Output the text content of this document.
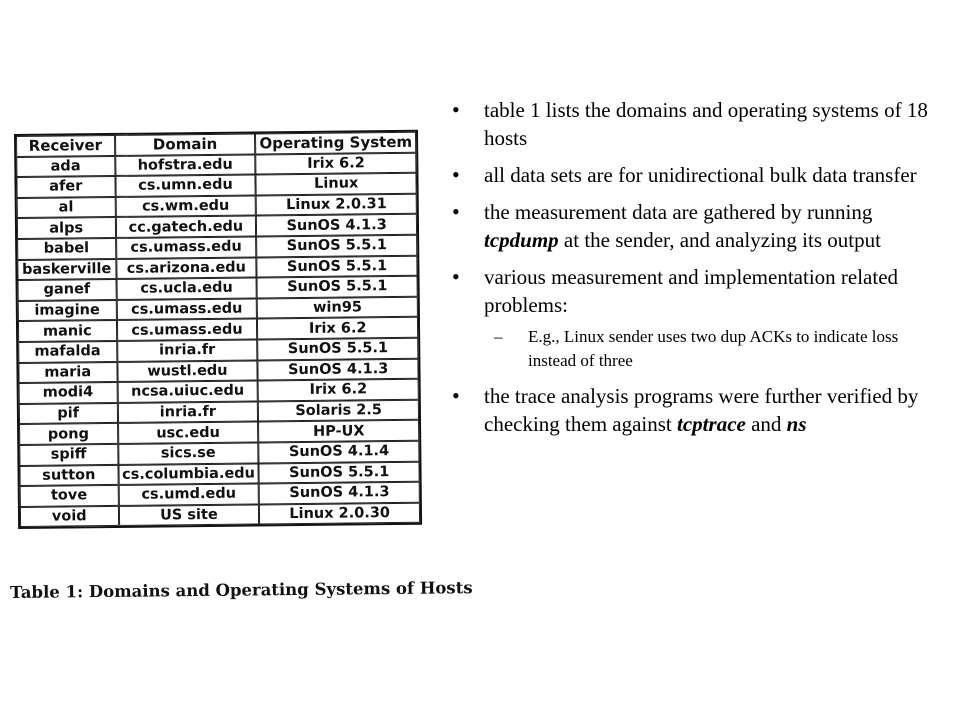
Receiver	Domain	Operating System
ada	hofstra.edu	Irix 6.2
afer	cs.umn.edu	Linux
al	cs.wm.edu	Linux 2.0.31
alps	cc.gatech.edu	SunOS 4.1.3
babel	cs.umass.edu	SunOS 5.5.1
baskerville	cs.arizona.edu	SunOS 5.5.1
ganef	cs.ucla.edu	SunOS 5.5.1
imagine	cs.umass.edu	win95
manic	cs.umass.edu	Irix 6.2
mafalda	inria.fr	SunOS 5.5.1
maria	wustl.edu	SunOS 4.1.3
modi4	ncsa.uiuc.edu	Irix 6.2
pif	inria.fr	Solaris 2.5
pong	usc.edu	HP-UX
spiff	sics.se	SunOS 4.1.4
sutton	cs.columbia.edu	SunOS 5.5.1
tove	cs.umd.edu	SunOS 4.1.3
void	US site	Linux 2.0.30
Table 1: Domains and Operating Systems of Hosts
• table 1 lists the domains and operating systems of 18 hosts
• all data sets are for unidirectional bulk data transfer
• the measurement data are gathered by running tcpdump at the sender, and analyzing its output
• various measurement and implementation related problems:
– E.g., Linux sender uses two dup ACKs to indicate loss instead of three
• the trace analysis programs were further verified by checking them against tcptrace and ns
